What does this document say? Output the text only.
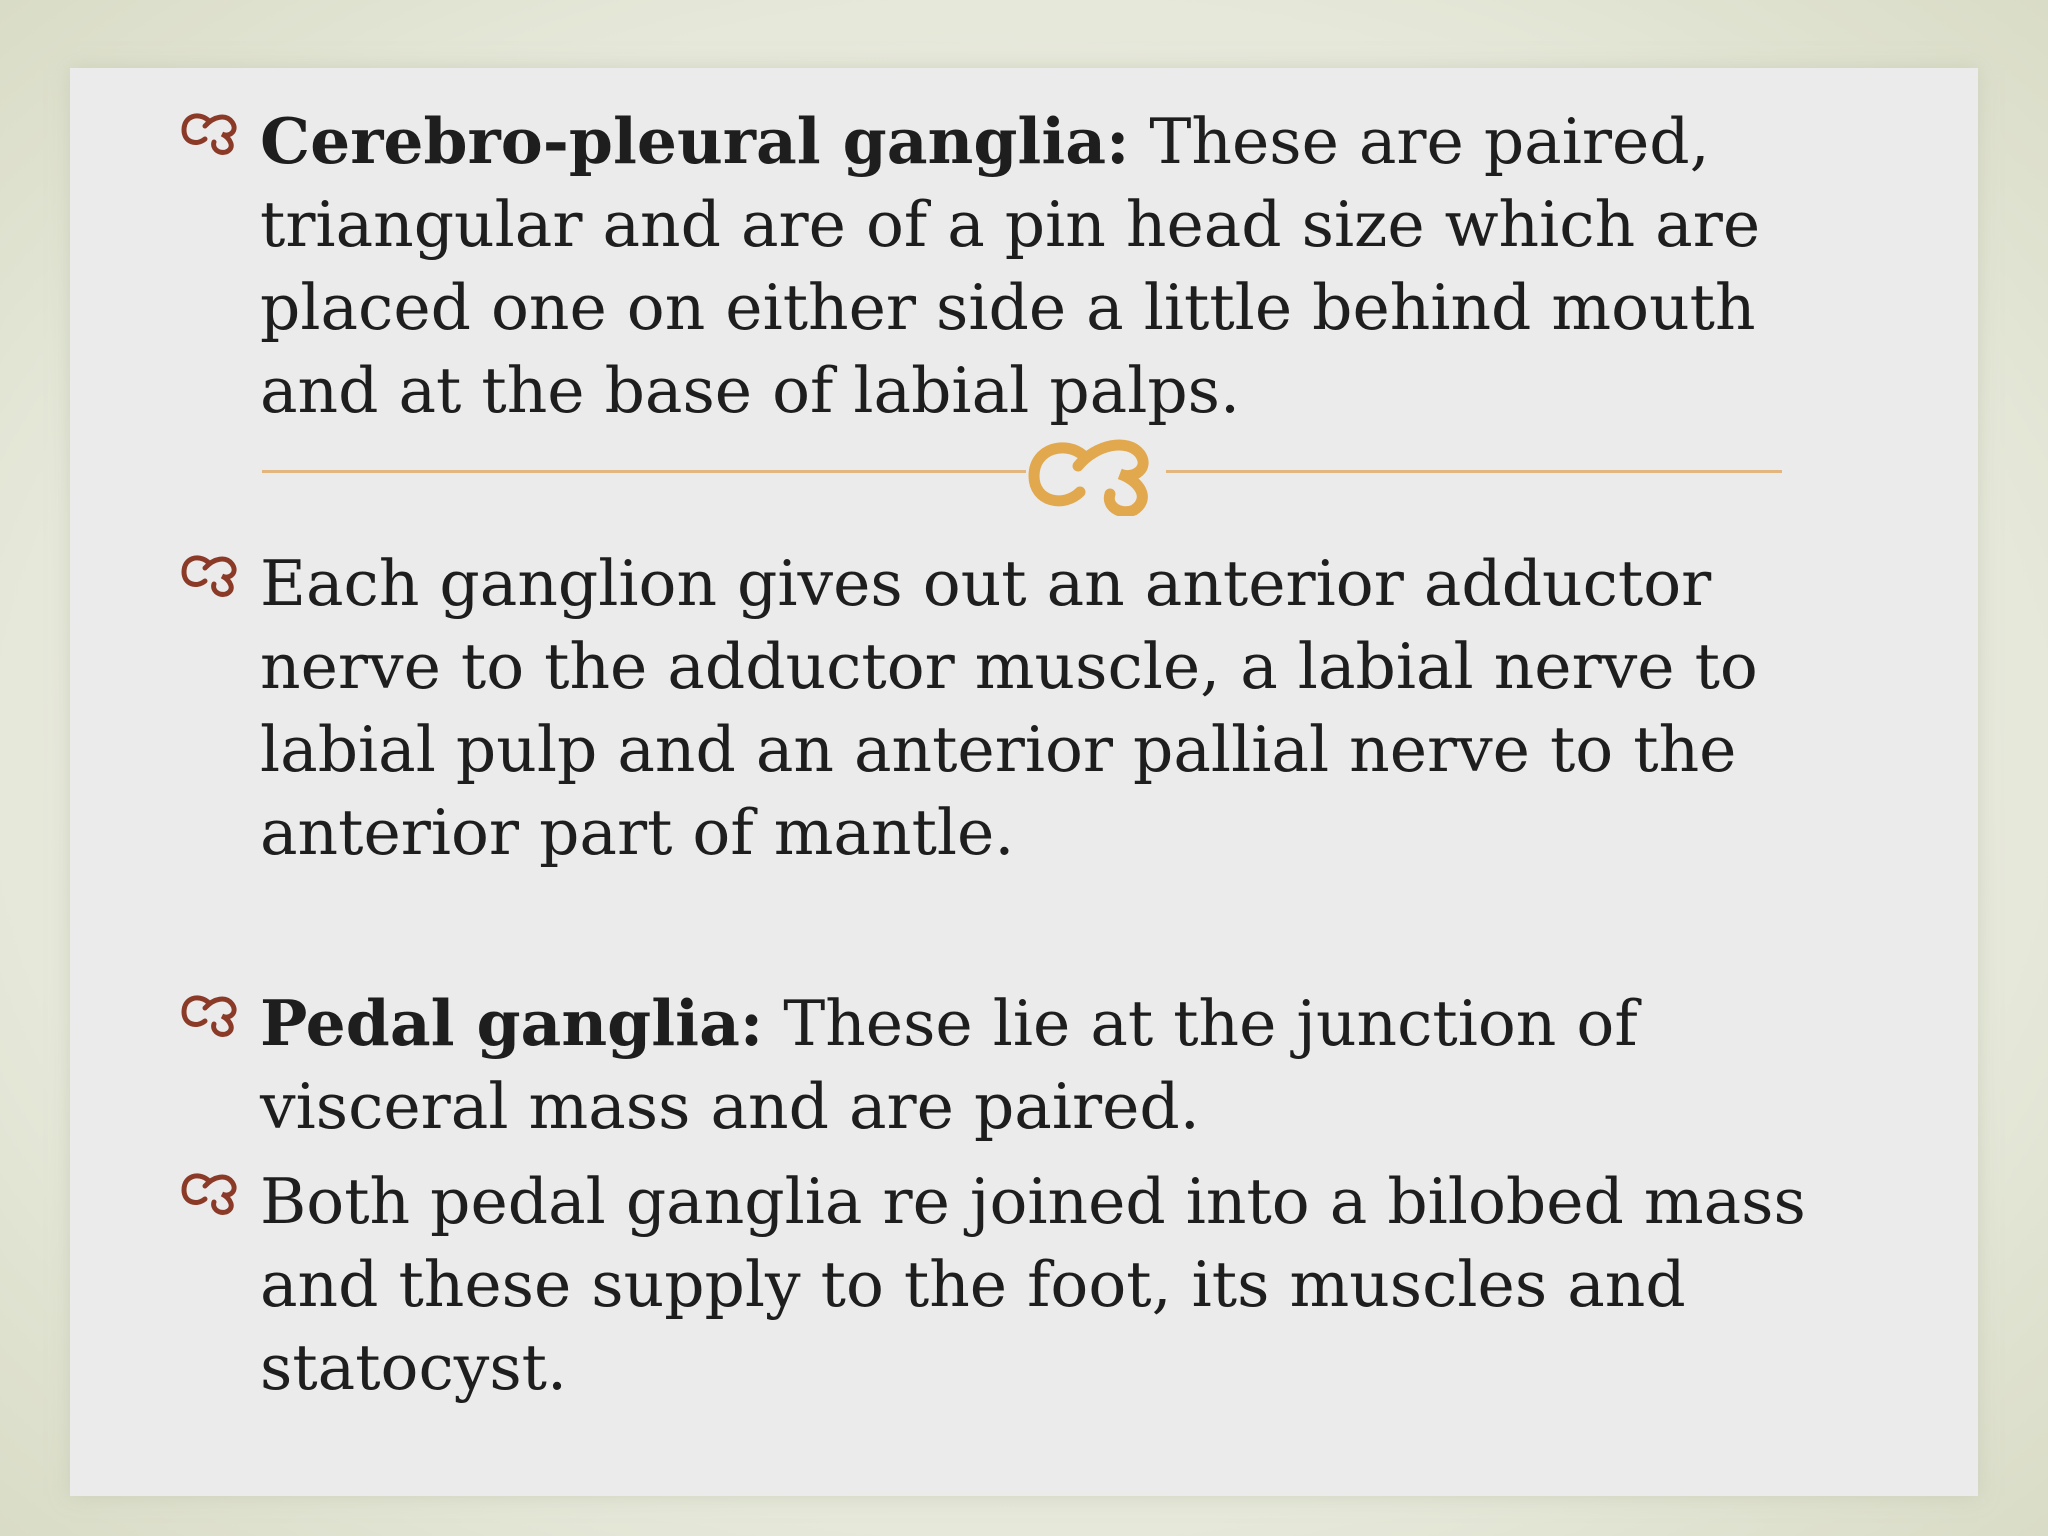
Cerebro-pleural ganglia: These are paired, triangular and are of a pin head size which are placed one on either side a little behind mouth and at the base of labial palps.
Each ganglion gives out an anterior adductor nerve to the adductor muscle, a labial nerve to labial pulp and an anterior pallial nerve to the anterior part of mantle.
Pedal ganglia: These lie at the junction of visceral mass and are paired.
Both pedal ganglia re joined into a bilobed mass and these supply to the foot, its muscles and statocyst.
